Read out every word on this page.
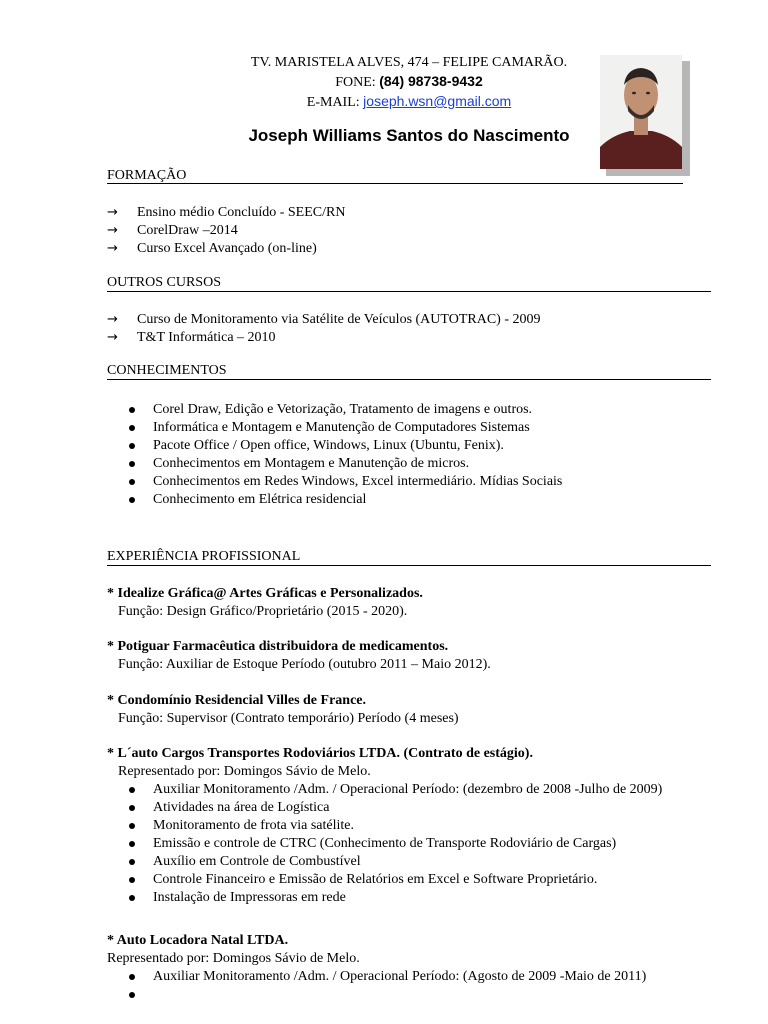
TV. MARISTELA ALVES, 474 – FELIPE CAMARÃO.
FONE: (84) 98738-9432
E-MAIL: joseph.wsn@gmail.com
Joseph Williams Santos do Nascimento
FORMAÇÃO
→	Ensino médio Concluído - SEEC/RN
→	CorelDraw –2014
→	Curso Excel Avançado (on-line)
OUTROS CURSOS
→	Curso de Monitoramento via Satélite de Veículos (AUTOTRAC) - 2009
→	T&T Informática – 2010
CONHECIMENTOS
Corel Draw, Edição e Vetorização, Tratamento de imagens e outros.
Informática e Montagem e Manutenção de Computadores Sistemas
Pacote Office / Open office, Windows, Linux (Ubuntu, Fenix).
Conhecimentos em Montagem e Manutenção de micros.
Conhecimentos em Redes Windows, Excel intermediário. Mídias Sociais
Conhecimento em Elétrica residencial
EXPERIÊNCIA PROFISSIONAL
* Idealize Gráfica@ Artes Gráficas e Personalizados.
Função: Design Gráfico/Proprietário (2015 - 2020).
* Potiguar Farmacêutica distribuidora de medicamentos.
Função: Auxiliar de Estoque Período (outubro 2011 – Maio 2012).
* Condomínio Residencial Villes de France.
Função: Supervisor (Contrato temporário) Período (4 meses)
* L´auto Cargos Transportes Rodoviários LTDA. (Contrato de estágio).
Representado por: Domingos Sávio de Melo.
Auxiliar Monitoramento /Adm. / Operacional Período: (dezembro de 2008 -Julho de 2009)
Atividades na área de Logística
Monitoramento de frota via satélite.
Emissão e controle de CTRC (Conhecimento de Transporte Rodoviário de Cargas)
Auxílio em Controle de Combustível
Controle Financeiro e Emissão de Relatórios em Excel e Software Proprietário.
Instalação de Impressoras em rede
* Auto Locadora Natal LTDA.
Representado por: Domingos Sávio de Melo.
Auxiliar Monitoramento /Adm. / Operacional Período: (Agosto de 2009 -Maio de 2011)
